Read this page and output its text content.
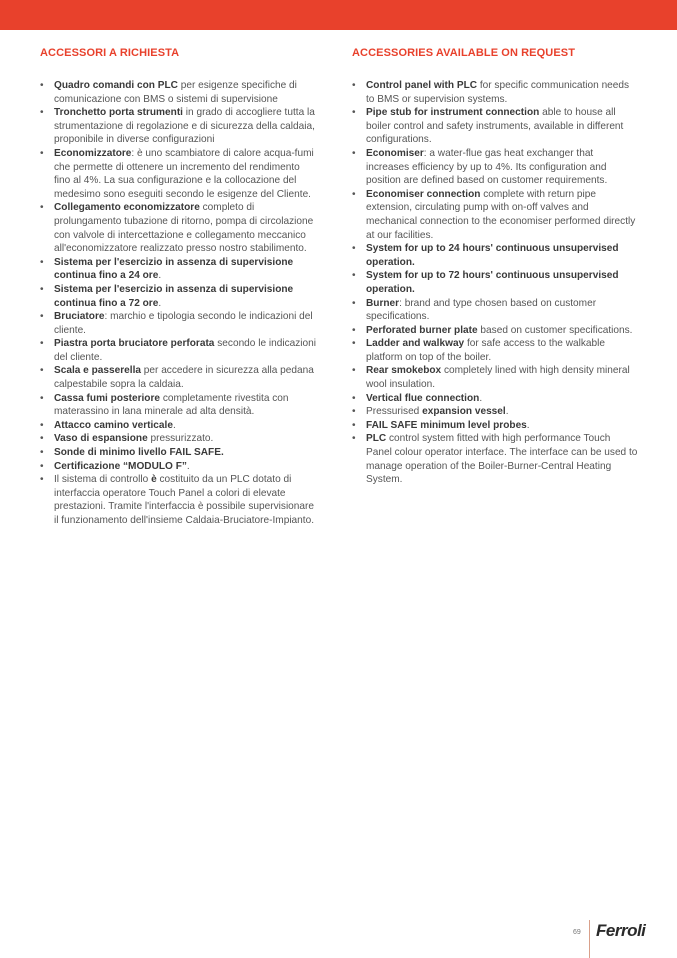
ACCESSORI A RICHIESTA
• Quadro comandi con PLC per esigenze specifiche di comunicazione con BMS o sistemi di supervisione
• Tronchetto porta strumenti in grado di accogliere tutta la strumentazione di regolazione e di sicurezza della caldaia, proponibile in diverse configurazioni
• Economizzatore: è uno scambiatore di calore acqua-fumi che permette di ottenere un incremento del rendimento fino al 4%. La sua configurazione e la collocazione del medesimo sono eseguiti secondo le esigenze del Cliente.
• Collegamento economizzatore completo di prolungamento tubazione di ritorno, pompa di circolazione con valvole di intercettazione e collegamento meccanico all'economizzatore realizzato presso nostro stabilimento.
• Sistema per l'esercizio in assenza di supervisione continua fino a 24 ore.
• Sistema per l'esercizio in assenza di supervisione continua fino a 72 ore.
• Bruciatore: marchio e tipologia secondo le indicazioni del cliente.
• Piastra porta bruciatore perforata secondo le indicazioni del cliente.
• Scala e passerella per accedere in sicurezza alla pedana calpestabile sopra la caldaia.
• Cassa fumi posteriore completamente rivestita con materassino in lana minerale ad alta densità.
• Attacco camino verticale.
• Vaso di espansione pressurizzato.
• Sonde di minimo livello FAIL SAFE.
• Certificazione “MODULO F”.
• Il sistema di controllo è costituito da un PLC dotato di interfaccia operatore Touch Panel a colori di elevate prestazioni. Tramite l'interfaccia è possibile supervisionare il funzionamento dell'insieme Caldaia-Bruciatore-Impianto.
ACCESSORIES AVAILABLE ON REQUEST
• Control panel with PLC for specific communication needs to BMS or supervision systems.
• Pipe stub for instrument connection able to house all boiler control and safety instruments, available in different configurations.
• Economiser: a water-flue gas heat exchanger that increases efficiency by up to 4%. Its configuration and position are defined based on customer requirements.
• Economiser connection complete with return pipe extension, circulating pump with on-off valves and mechanical connection to the economiser performed directly at our facilities.
• System for up to 24 hours' continuous unsupervised operation.
• System for up to 72 hours' continuous unsupervised operation.
• Burner: brand and type chosen based on customer specifications.
• Perforated burner plate based on customer specifications.
• Ladder and walkway for safe access to the walkable platform on top of the boiler.
• Rear smokebox completely lined with high density mineral wool insulation.
• Vertical flue connection.
• Pressurised expansion vessel.
• FAIL SAFE minimum level probes.
• PLC control system fitted with high performance Touch Panel colour operator interface. The interface can be used to manage operation of the Boiler-Burner-Central Heating System.
69 Ferroli
